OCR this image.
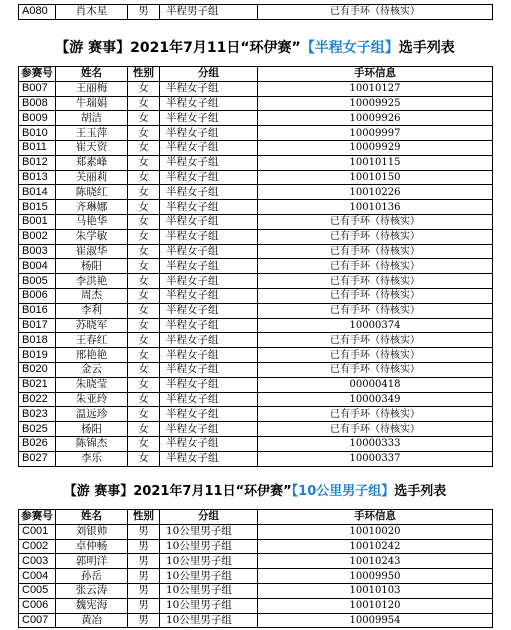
A080	肖木星	男	半程男子组	已有手环（待核实）
【游 赛事】2021年7月11日“环伊赛”【半程女子组】选手列表
参赛号	姓名	性别	分组	手环信息
B007	王丽梅	女	半程女子组	10010127
B008	牛瑞娟	女	半程女子组	10009925
B009	胡洁	女	半程女子组	10009926
B010	王玉萍	女	半程女子组	10009997
B011	崔天资	女	半程女子组	10009929
B012	郑素峰	女	半程女子组	10010115
B013	关丽莉	女	半程女子组	10010150
B014	陈晓红	女	半程女子组	10010226
B015	齐琳娜	女	半程女子组	10010136
B001	马艳华	女	半程女子组	已有手环（待核实）
B002	朱学敏	女	半程女子组	已有手环（待核实）
B003	崔淑华	女	半程女子组	已有手环（待核实）
B004	杨阳	女	半程女子组	已有手环（待核实）
B005	李洪艳	女	半程女子组	已有手环（待核实）
B006	周杰	女	半程女子组	已有手环（待核实）
B016	李利	女	半程女子组	已有手环（待核实）
B017	苏晓军	女	半程女子组	10000374
B018	王春红	女	半程女子组	已有手环（待核实）
B019	邢艳艳	女	半程女子组	已有手环（待核实）
B020	金云	女	半程女子组	已有手环（待核实）
B021	朱晓莹	女	半程女子组	00000418
B022	朱亚玲	女	半程女子组	10000349
B023	温远珍	女	半程女子组	已有手环（待核实）
B025	杨阳	女	半程女子组	已有手环（待核实）
B026	陈锦杰	女	半程女子组	10000333
B027	李乐	女	半程女子组	10000337
【游 赛事】2021年7月11日“环伊赛”【10公里男子组】选手列表
参赛号	姓名	性别	分组	手环信息
C001	刘银帅	男	10公里男子组	10010020
C002	卓仲畅	男	10公里男子组	10010242
C003	郭明洋	男	10公里男子组	10010243
C004	孙岳	男	10公里男子组	10009950
C005	张云涛	男	10公里男子组	10010103
C006	魏宪海	男	10公里男子组	10010120
C007	黄冶	男	10公里男子组	10009954
